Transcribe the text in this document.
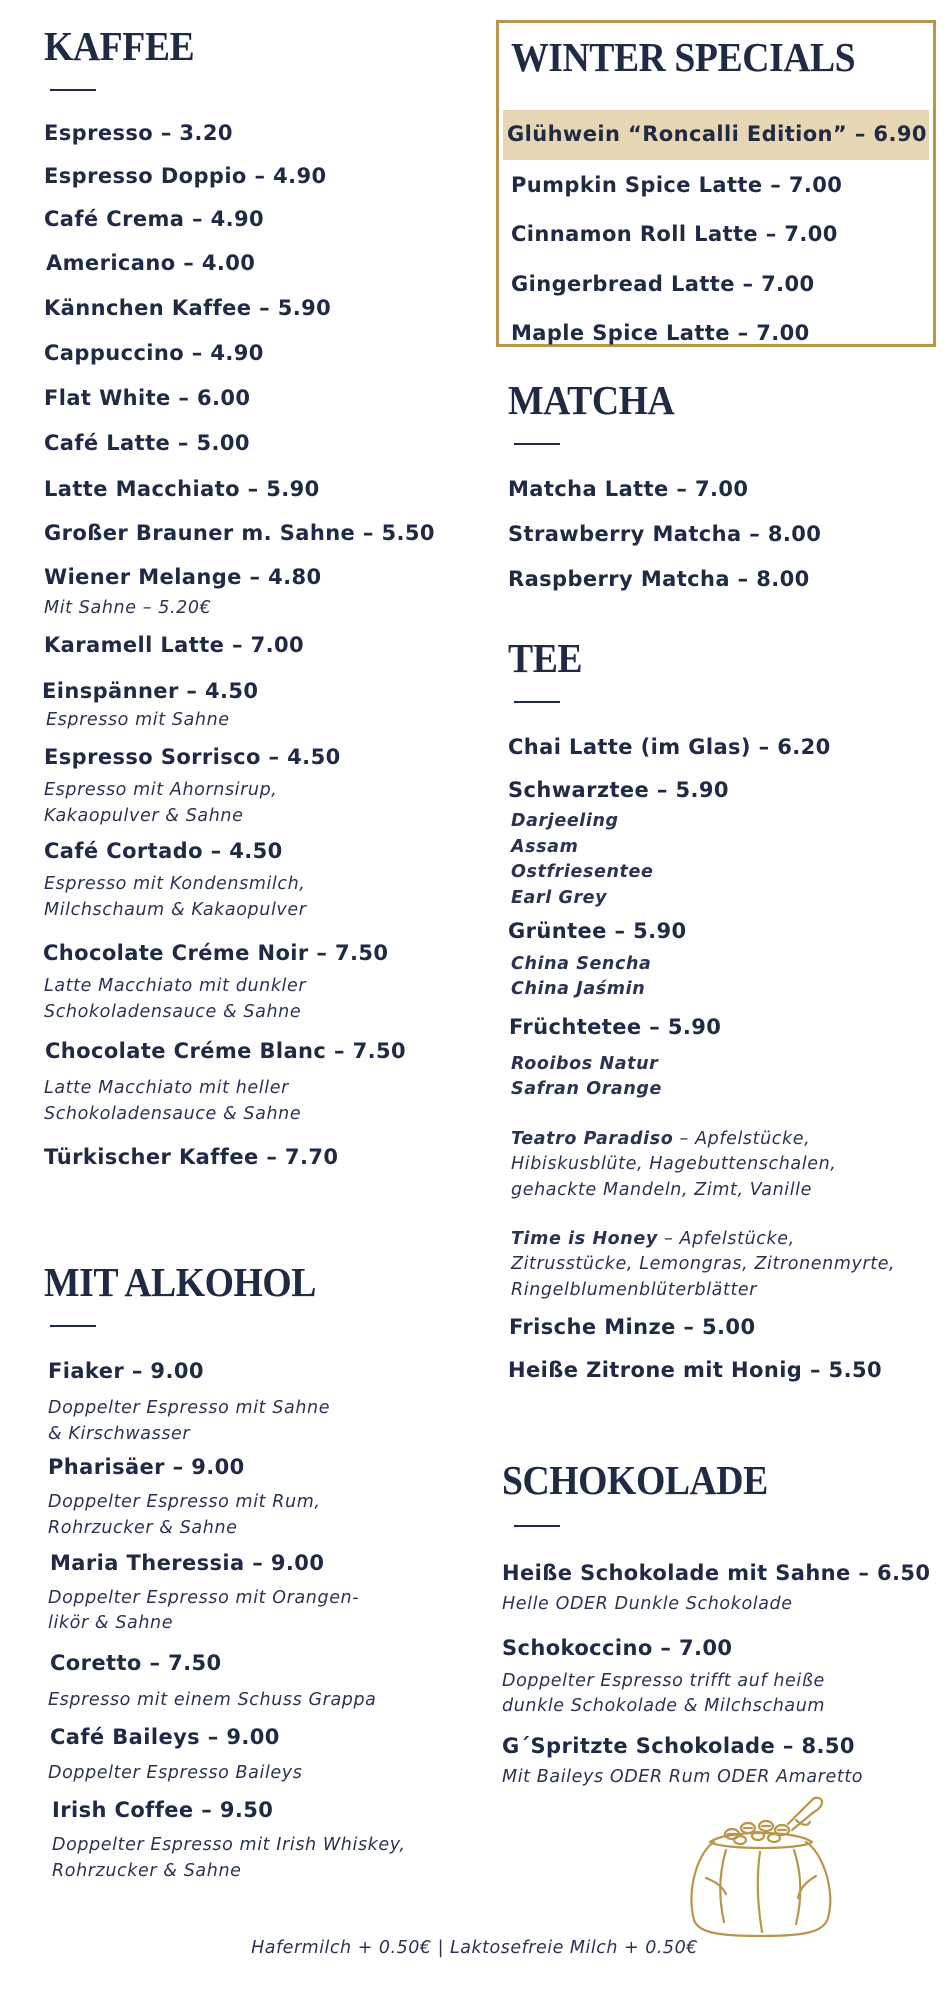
KAFFEE
Espresso – 3.20
Espresso Doppio – 4.90
Café Crema – 4.90
Americano – 4.00
Kännchen Kaffee – 5.90
Cappuccino – 4.90
Flat White – 6.00
Café Latte – 5.00
Latte Macchiato – 5.90
Großer Brauner m. Sahne – 5.50
Wiener Melange – 4.80
Mit Sahne – 5.20€
Karamell Latte – 7.00
Einspänner – 4.50
Espresso mit Sahne
Espresso Sorrisco – 4.50
Espresso mit Ahornsirup,
Kakaopulver & Sahne
Café Cortado – 4.50
Espresso mit Kondensmilch,
Milchschaum & Kakaopulver
Chocolate Créme Noir – 7.50
Latte Macchiato mit dunkler
Schokoladensauce & Sahne
Chocolate Créme Blanc – 7.50
Latte Macchiato mit heller
Schokoladensauce & Sahne
Türkischer Kaffee – 7.70
MIT ALKOHOL
Fiaker – 9.00
Doppelter Espresso mit Sahne
& Kirschwasser
Pharisäer – 9.00
Doppelter Espresso mit Rum,
Rohrzucker & Sahne
Maria Theressia – 9.00
Doppelter Espresso mit Orangen-
likör & Sahne
Coretto – 7.50
Espresso mit einem Schuss Grappa
Café Baileys – 9.00
Doppelter Espresso Baileys
Irish Coffee – 9.50
Doppelter Espresso mit Irish Whiskey,
Rohrzucker & Sahne
WINTER SPECIALS
Glühwein “Roncalli Edition” – 6.90
Pumpkin Spice Latte – 7.00
Cinnamon Roll Latte – 7.00
Gingerbread Latte – 7.00
Maple Spice Latte – 7.00
MATCHA
Matcha Latte – 7.00
Strawberry Matcha – 8.00
Raspberry Matcha – 8.00
TEE
Chai Latte (im Glas) – 6.20
Schwarztee – 5.90
Darjeeling
Assam
Ostfriesentee
Earl Grey
Grüntee – 5.90
China Sencha
China Jaśmin
Früchtetee – 5.90
Rooibos Natur
Safran Orange
Teatro Paradiso – Apfelstücke,
Hibiskusblüte, Hagebuttenschalen,
gehackte Mandeln, Zimt, Vanille
Time is Honey – Apfelstücke,
Zitrusstücke, Lemongras, Zitronenmyrte,
Ringelblumenblüterblätter
Frische Minze – 5.00
Heiße Zitrone mit Honig – 5.50
SCHOKOLADE
Heiße Schokolade mit Sahne – 6.50
Helle ODER Dunkle Schokolade
Schokoccino – 7.00
Doppelter Espresso trifft auf heiße
dunkle Schokolade & Milchschaum
G´Spritzte Schokolade – 8.50
Mit Baileys ODER Rum ODER Amaretto
Hafermilch + 0.50€ | Laktosefreie Milch + 0.50€
